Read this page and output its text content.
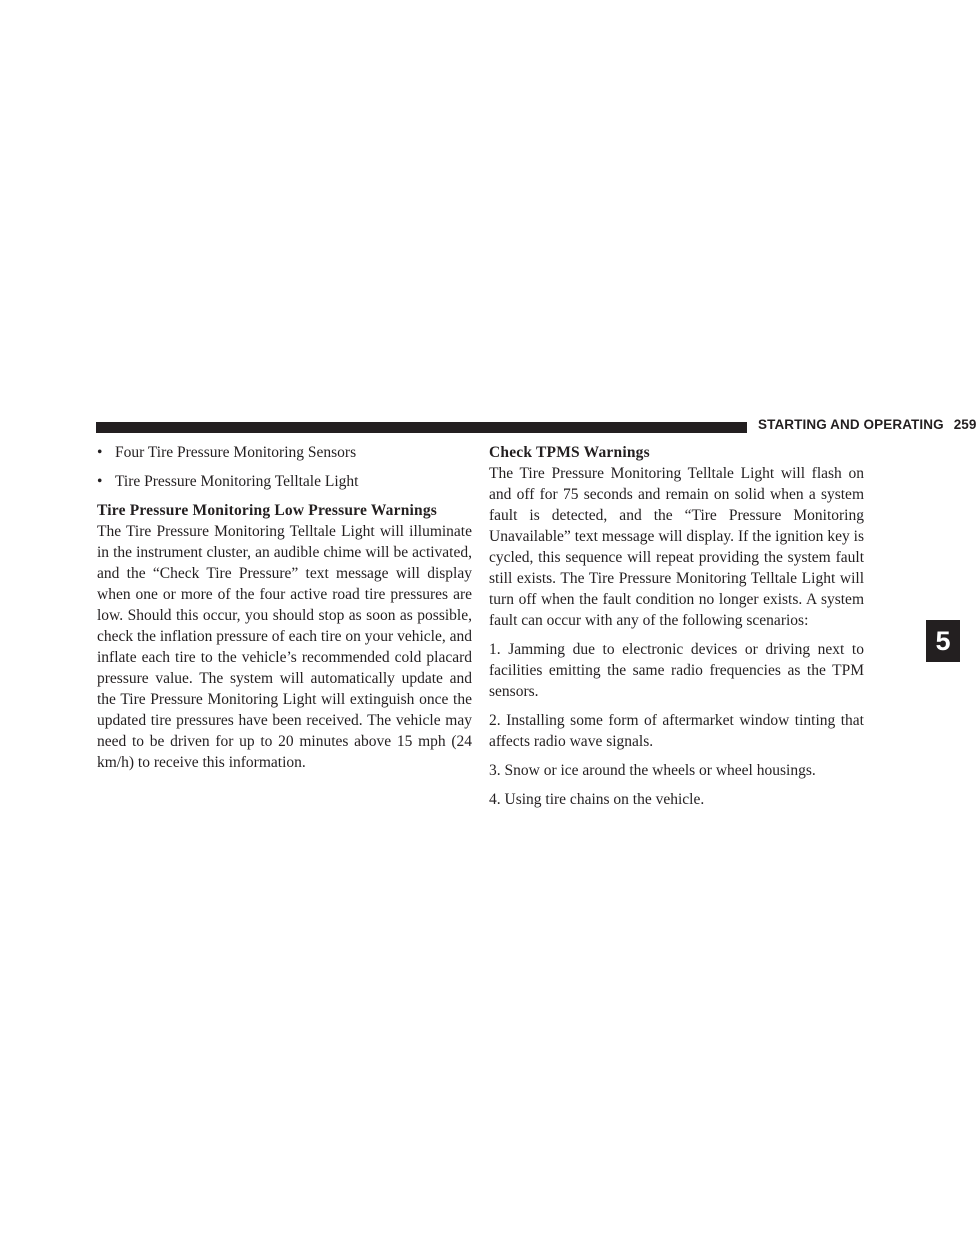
STARTING AND OPERATING 259
5
• Four Tire Pressure Monitoring Sensors
• Tire Pressure Monitoring Telltale Light
Tire Pressure Monitoring Low Pressure Warnings

The Tire Pressure Monitoring Telltale Light will illuminate in the instrument cluster, an audible chime will be activated, and the “Check Tire Pressure” text message will display when one or more of the four active road tire pressures are low. Should this occur, you should stop as soon as possible, check the inflation pressure of each tire on your vehicle, and inflate each tire to the vehicle’s recommended cold placard pressure value. The system will automatically update and the Tire Pressure Monitoring Light will extinguish once the updated tire pressures have been received. The vehicle may need to be driven for up to 20 minutes above 15 mph (24 km/h) to receive this information.

Check TPMS Warnings

The Tire Pressure Monitoring Telltale Light will flash on and off for 75 seconds and remain on solid when a system fault is detected, and the “Tire Pressure Monitoring Unavailable” text message will display. If the ignition key is cycled, this sequence will repeat providing the system fault still exists. The Tire Pressure Monitoring Telltale Light will turn off when the fault condition no longer exists. A system fault can occur with any of the following scenarios:

1. Jamming due to electronic devices or driving next to facilities emitting the same radio frequencies as the TPM sensors.

2. Installing some form of aftermarket window tinting that affects radio wave signals.

3. Snow or ice around the wheels or wheel housings.

4. Using tire chains on the vehicle.
